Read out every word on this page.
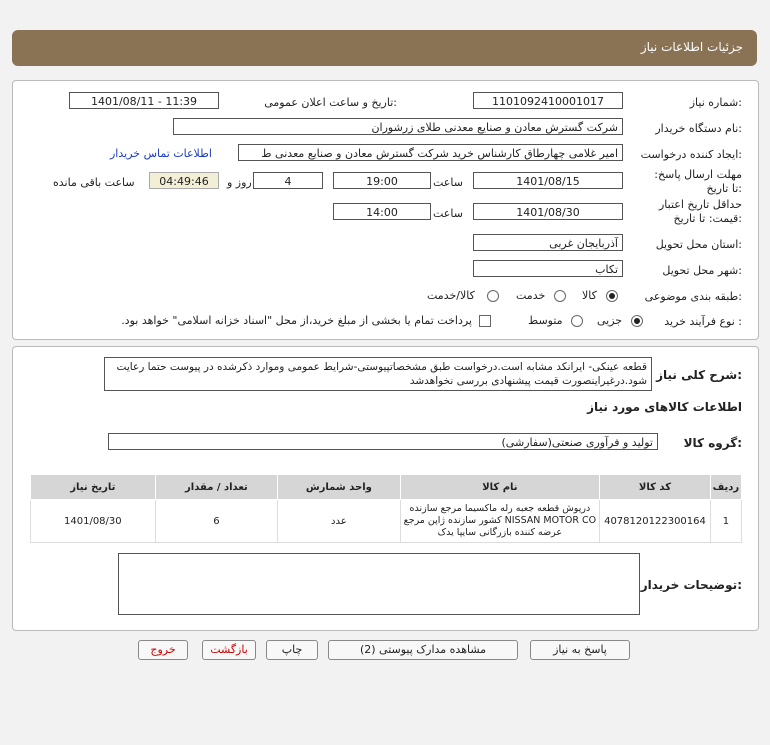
جزئیات اطلاعات نیاز
شماره نیاز:
1101092410001017
تاریخ و ساعت اعلان عمومی:
1401/08/11 - 11:39
نام دستگاه خریدار:
شرکت گسترش معادن و صنایع معدنی طلای زرشوران
ایجاد کننده درخواست:
امیر غلامی چهارطاق کارشناس خرید شرکت گسترش معادن و صنایع معدنی ط
اطلاعات تماس خریدار
مهلت ارسال پاسخ: تا تاریخ:
1401/08/15
ساعت
19:00
4
روز و
04:49:46
ساعت باقی مانده
حداقل تاریخ اعتبار قیمت: تا تاریخ:
1401/08/30
ساعت
14:00
استان محل تحویل:
آذربایجان غربی
شهر محل تحویل:
تکاب
طبقه بندی موضوعی:
کالا
خدمت
کالا/خدمت
نوع فرآیند خرید :
جزیی
متوسط
پرداخت تمام یا بخشی از مبلغ خرید،از محل "اسناد خزانه اسلامی" خواهد بود.
شرح کلی نیاز:
قطعه عینکی- ایرانکد مشابه است.درخواست طبق مشخصاتپیوستی-شرایط عمومی وموارد ذکرشده در پیوست حتما رعایت شود.درغیراینصورت قیمت پیشنهادی بررسی نخواهدشد
اطلاعات کالاهای مورد نیاز
گروه کالا:
تولید و فرآوری صنعتی(سفارشی)
ردیف	کد کالا	نام کالا	واحد شمارش	تعداد / مقدار	تاریخ نیاز
1	4078120122300164	درپوش قطعه جعبه رله ماکسیما مرجع سازنده NISSAN MOTOR CO کشور سازنده ژاپن مرجع عرضه کننده بازرگانی سایپا یدک	عدد	6	1401/08/30
توضیحات خریدار:
پاسخ به نیاز
مشاهده مدارک پیوستی (2)
چاپ
بازگشت
خروج
